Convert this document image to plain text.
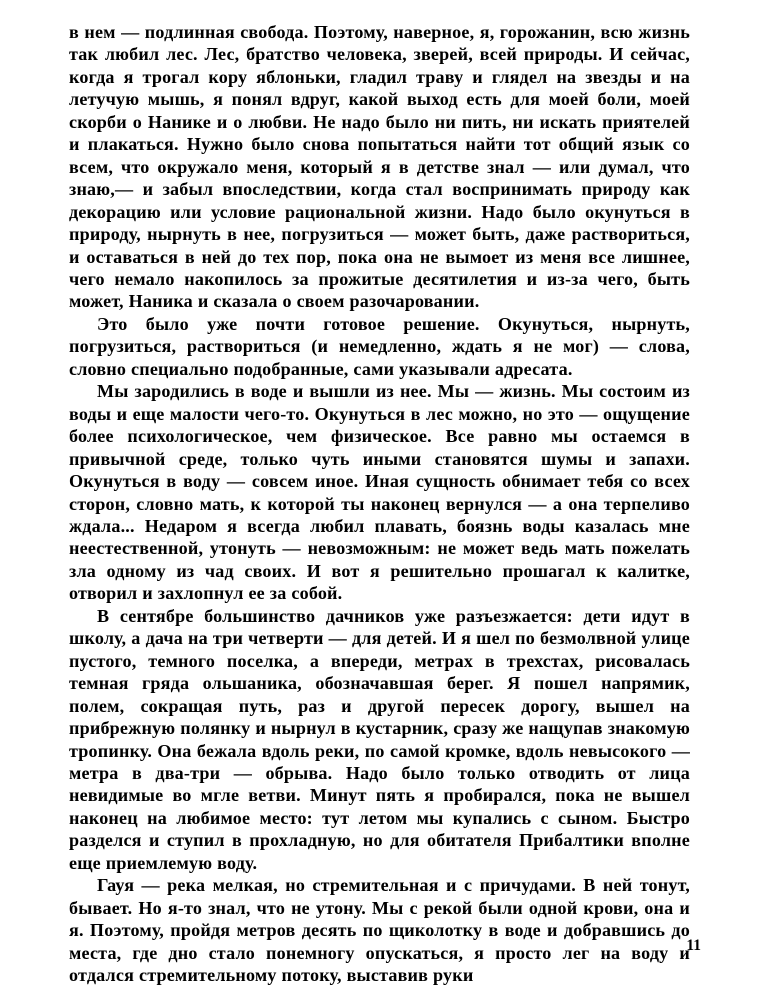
в нем — подлинная свобода. Поэтому, наверное, я, горожанин, всю жизнь так любил лес. Лес, братство человека, зверей, всей природы. И сейчас, когда я трогал кору яблоньки, гладил траву и глядел на звезды и на летучую мышь, я понял вдруг, какой выход есть для моей боли, моей скорби о Нанике и о любви. Не надо было ни пить, ни искать приятелей и плакаться. Нужно было снова попытаться найти тот общий язык со всем, что окружало меня, который я в детстве знал — или думал, что знаю,— и забыл впоследствии, когда стал воспринимать природу как декорацию или условие рациональной жизни. Надо было окунуться в природу, нырнуть в нее, погрузиться — может быть, даже раствориться, и оставаться в ней до тех пор, пока она не вымоет из меня все лишнее, чего немало накопилось за прожитые десятилетия и из-за чего, быть может, Наника и сказала о своем разочаровании.

Это было уже почти готовое решение. Окунуться, нырнуть, погрузиться, раствориться (и немедленно, ждать я не мог) — слова, словно специально подобранные, сами указывали адресата.

Мы зародились в воде и вышли из нее. Мы — жизнь. Мы состоим из воды и еще малости чего-то. Окунуться в лес можно, но это — ощущение более психологическое, чем физическое. Все равно мы остаемся в привычной среде, только чуть иными становятся шумы и запахи. Окунуться в воду — совсем иное. Иная сущность обнимает тебя со всех сторон, словно мать, к которой ты наконец вернулся — а она терпеливо ждала... Недаром я всегда любил плавать, боязнь воды казалась мне неестественной, утонуть — невозможным: не может ведь мать пожелать зла одному из чад своих. И вот я решительно прошагал к калитке, отворил и захлопнул ее за собой.

В сентябре большинство дачников уже разъезжается: дети идут в школу, а дача на три четверти — для детей. И я шел по безмолвной улице пустого, темного поселка, а впереди, метрах в трехстах, рисовалась темная гряда ольшаника, обозначавшая берег. Я пошел напрямик, полем, сокращая путь, раз и другой пересек дорогу, вышел на прибрежную полянку и нырнул в кустарник, сразу же нащупав знакомую тропинку. Она бежала вдоль реки, по самой кромке, вдоль невысокого — метра в два-три — обрыва. Надо было только отводить от лица невидимые во мгле ветви. Минут пять я пробирался, пока не вышел наконец на любимое место: тут летом мы купались с сыном. Быстро разделся и ступил в прохладную, но для обитателя Прибалтики вполне еще приемлемую воду.

Гауя — река мелкая, но стремительная и с причудами. В ней тонут, бывает. Но я-то знал, что не утону. Мы с рекой были одной крови, она и я. Поэтому, пройдя метров десять по щиколотку в воде и добравшись до места, где дно стало понемногу опускаться, я просто лег на воду и отдался стремительному потоку, выставив руки

11
